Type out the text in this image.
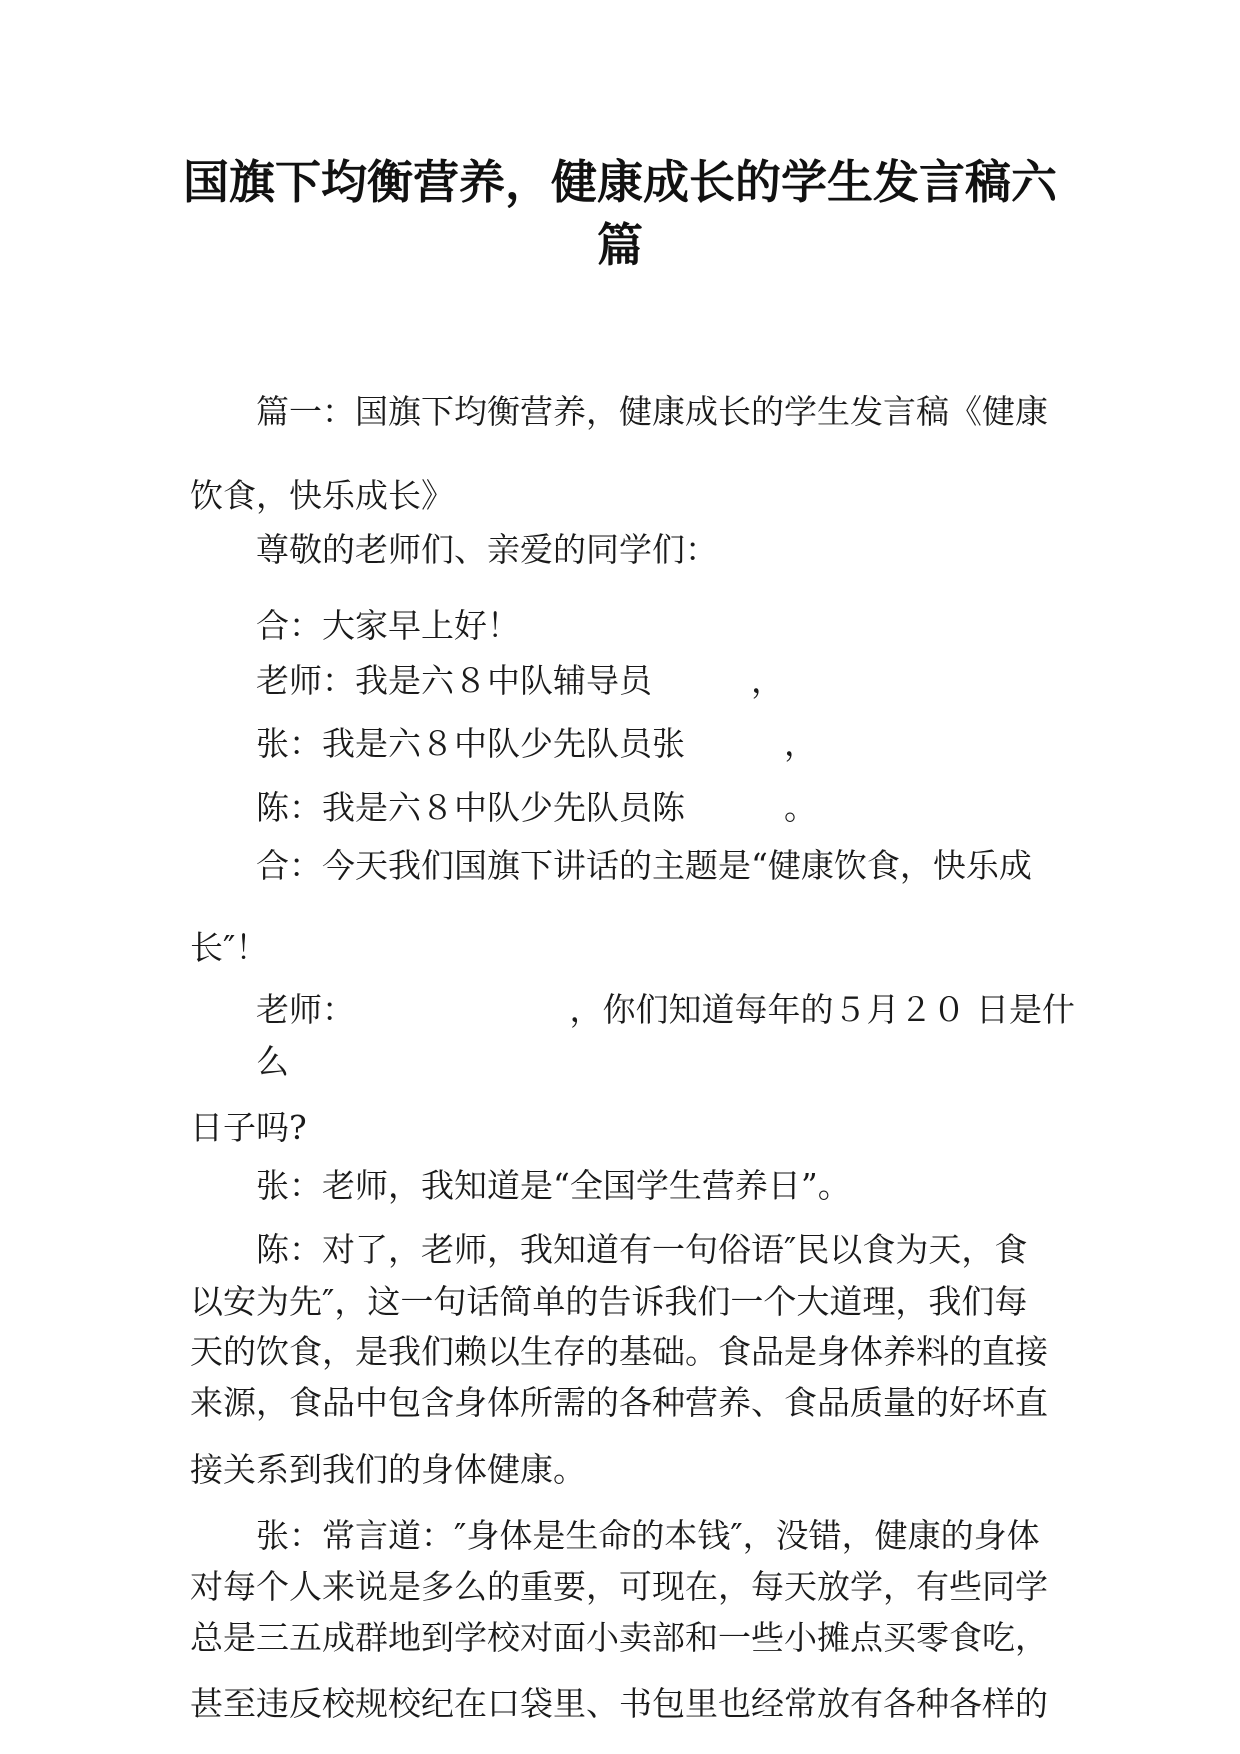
国旗下均衡营养，健康成长的学生发言稿六
篇
篇一：国旗下均衡营养，健康成长的学生发言稿《健康
饮食，快乐成长》
尊敬的老师们、亲爱的同学们：
合：大家早上好！
老师：我是六８中队辅导员　　　，
张：我是六８中队少先队员张　　　，
陈：我是六８中队少先队员陈　　　。
合：今天我们国旗下讲话的主题是“健康饮食，快乐成
长″！
老师：　　　　　　　，你们知道每年的５月２０ 日是什
么
日子吗?
张：老师，我知道是“全国学生营养日”。
陈：对了，老师，我知道有一句俗语″民以食为天，食
以安为先″，这一句话简单的告诉我们一个大道理，我们每
天的饮食，是我们赖以生存的基础。食品是身体养料的直接
来源，食品中包含身体所需的各种营养、食品质量的好坏直
接关系到我们的身体健康。
张：常言道：″身体是生命的本钱″，没错，健康的身体
对每个人来说是多么的重要，可现在，每天放学，有些同学
总是三五成群地到学校对面小卖部和一些小摊点买零食吃，
甚至违反校规校纪在口袋里、书包里也经常放有各种各样的
